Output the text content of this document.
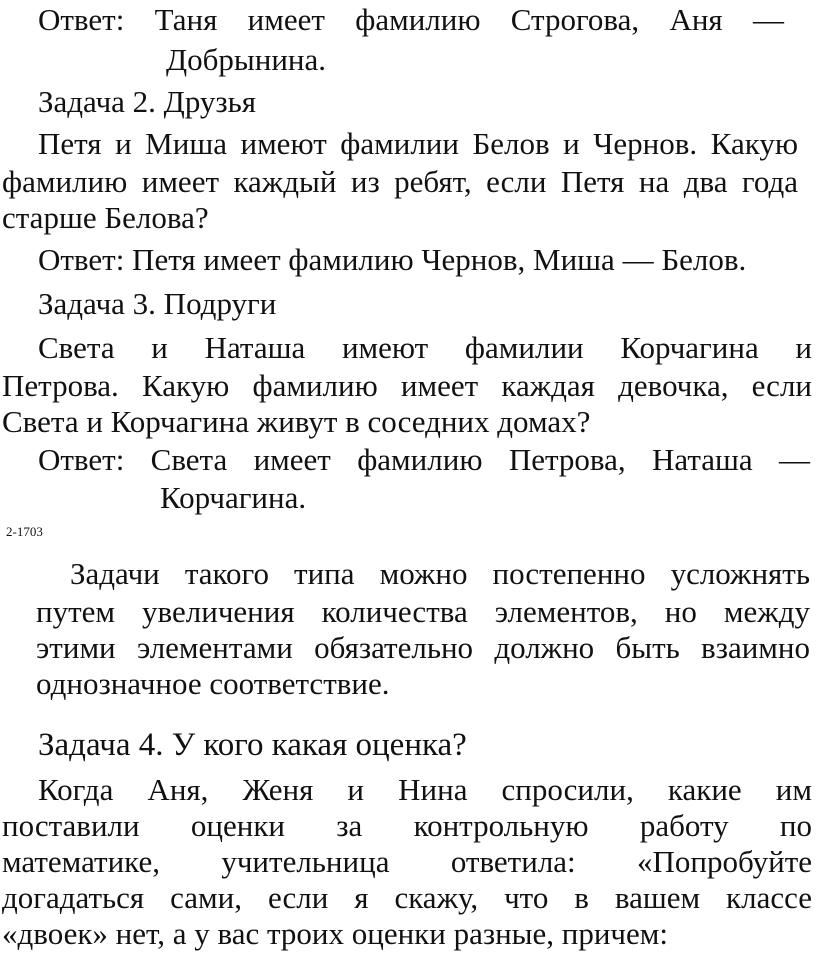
Ответ: Таня имеет фамилию Строгова, Аня —
Добрынина.
Задача 2. Друзья
Петя и Миша имеют фамилии Белов и Чернов. Какую
фамилию имеет каждый из ребят, если Петя на два года
старше Белова?
Ответ: Петя имеет фамилию Чернов, Миша — Белов.
Задача 3. Подруги
Света и Наташа имеют фамилии Корчагина и
Петрова. Какую фамилию имеет каждая девочка, если
Света и Корчагина живут в соседних домах?
Ответ: Света имеет фамилию Петрова, Наташа —
Корчагина.
2-1703
Задачи такого типа можно постепенно усложнять
путем увеличения количества элементов, но между
этими элементами обязательно должно быть взаимно
однозначное соответствие.
Задача 4. У кого какая оценка?
Когда Аня, Женя и Нина спросили, какие им
поставили оценки за контрольную работу по
математике, учительница ответила: «Попробуйте
догадаться сами, если я скажу, что в вашем классе
«двоек» нет, а у вас троих оценки разные, причем:
